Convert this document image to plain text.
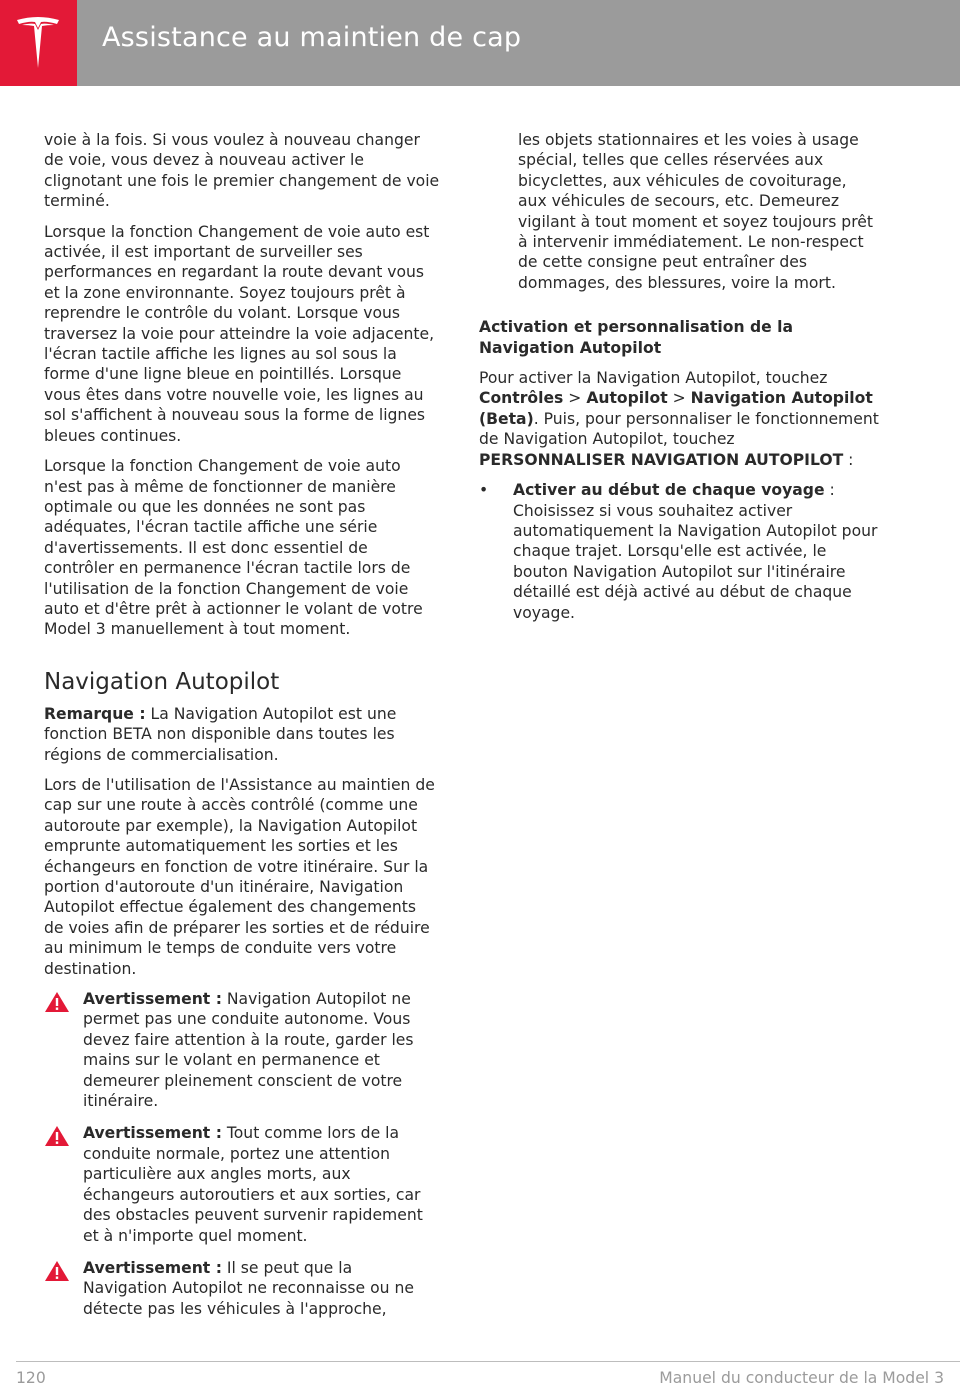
Assistance au maintien de cap

voie à la fois. Si vous voulez à nouveau changer de voie, vous devez à nouveau activer le clignotant une fois le premier changement de voie terminé.

Lorsque la fonction Changement de voie auto est activée, il est important de surveiller ses performances en regardant la route devant vous et la zone environnante. Soyez toujours prêt à reprendre le contrôle du volant. Lorsque vous traversez la voie pour atteindre la voie adjacente, l'écran tactile affiche les lignes au sol sous la forme d'une ligne bleue en pointillés. Lorsque vous êtes dans votre nouvelle voie, les lignes au sol s'affichent à nouveau sous la forme de lignes bleues continues.

Lorsque la fonction Changement de voie auto n'est pas à même de fonctionner de manière optimale ou que les données ne sont pas adéquates, l'écran tactile affiche une série d'avertissements. Il est donc essentiel de contrôler en permanence l'écran tactile lors de l'utilisation de la fonction Changement de voie auto et d'être prêt à actionner le volant de votre Model 3 manuellement à tout moment.

Navigation Autopilot

Remarque : La Navigation Autopilot est une fonction BETA non disponible dans toutes les régions de commercialisation.

Lors de l'utilisation de l'Assistance au maintien de cap sur une route à accès contrôlé (comme une autoroute par exemple), la Navigation Autopilot emprunte automatiquement les sorties et les échangeurs en fonction de votre itinéraire. Sur la portion d'autoroute d'un itinéraire, Navigation Autopilot effectue également des changements de voies afin de préparer les sorties et de réduire au minimum le temps de conduite vers votre destination.

Avertissement : Navigation Autopilot ne permet pas une conduite autonome. Vous devez faire attention à la route, garder les mains sur le volant en permanence et demeurer pleinement conscient de votre itinéraire.
Avertissement : Tout comme lors de la conduite normale, portez une attention particulière aux angles morts, aux échangeurs autoroutiers et aux sorties, car des obstacles peuvent survenir rapidement et à n'importe quel moment.
Avertissement : Il se peut que la Navigation Autopilot ne reconnaisse ou ne détecte pas les véhicules à l'approche,
les objets stationnaires et les voies à usage spécial, telles que celles réservées aux bicyclettes, aux véhicules de covoiturage, aux véhicules de secours, etc. Demeurez vigilant à tout moment et soyez toujours prêt à intervenir immédiatement. Le non-respect de cette consigne peut entraîner des dommages, des blessures, voire la mort.
Activation et personnalisation de la Navigation Autopilot

Pour activer la Navigation Autopilot, touchez Contrôles > Autopilot > Navigation Autopilot (Beta). Puis, pour personnaliser le fonctionnement de Navigation Autopilot, touchez PERSONNALISER NAVIGATION AUTOPILOT :

• Activer au début de chaque voyage : Choisissez si vous souhaitez activer automatiquement la Navigation Autopilot pour chaque trajet. Lorsqu'elle est activée, le bouton Navigation Autopilot sur l'itinéraire détaillé est déjà activé au début de chaque voyage.
120	Manuel du conducteur de la Model 3
